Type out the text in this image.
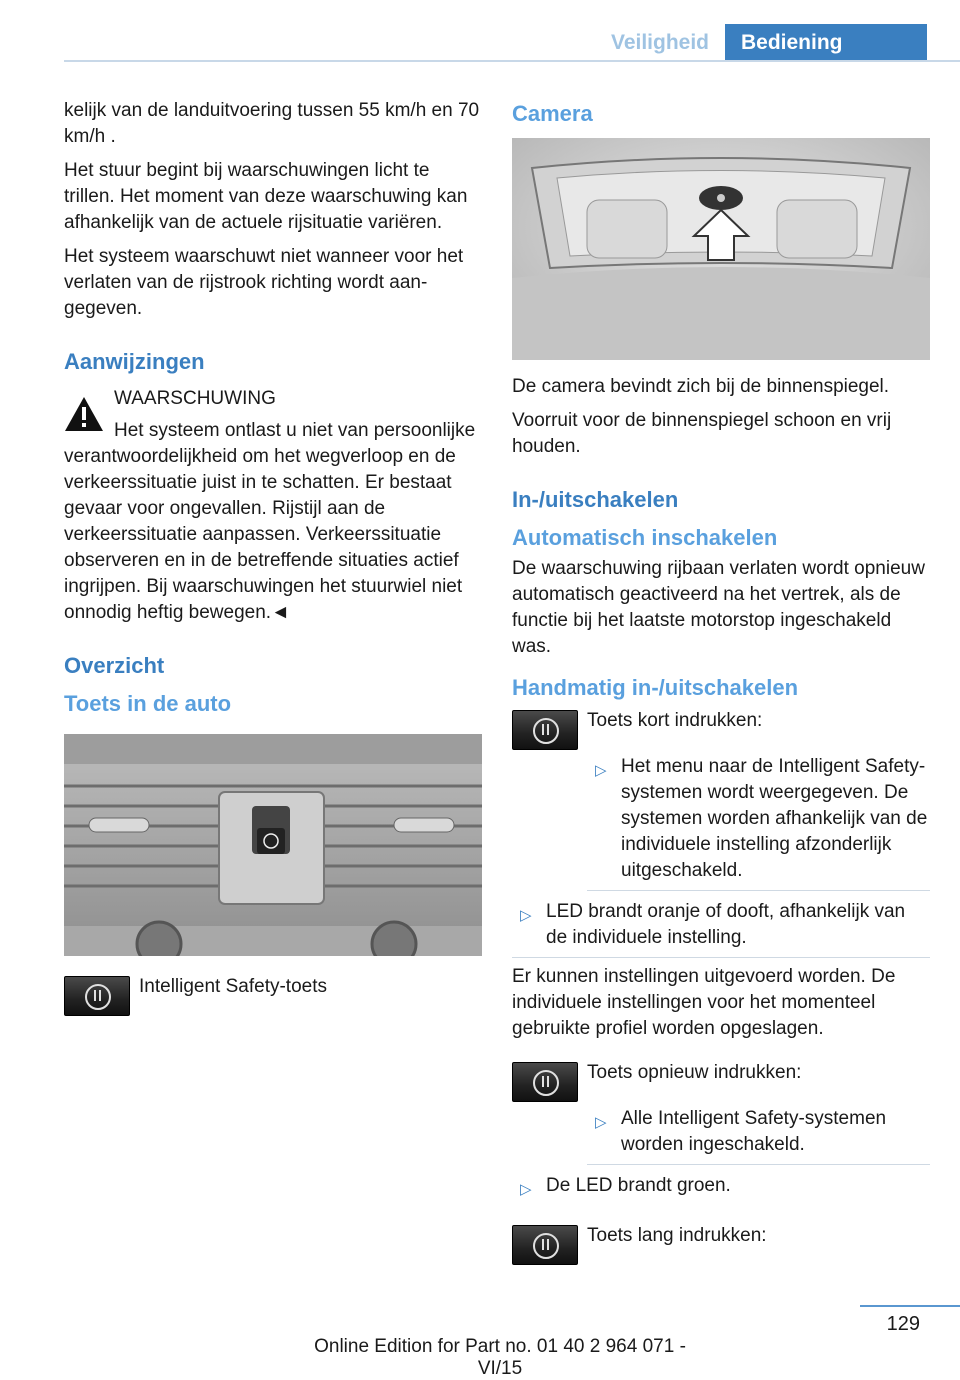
Veiligheid	Bediening

kelijk van de landuitvoering tussen 55 km/h en 70 km/h .

Het stuur begint bij waarschuwingen licht te trillen. Het moment van deze waarschuwing kan afhankelijk van de actuele rijsituatie variëren.

Het systeem waarschuwt niet wanneer voor het verlaten van de rijstrook richting wordt aangegeven.

Aanwijzingen

WAARSCHUWING

Het systeem ontlast u niet van persoonlijke verantwoordelijkheid om het wegverloop en de verkeerssituatie juist in te schatten. Er bestaat gevaar voor ongevallen. Rijstijl aan de verkeerssituatie aanpassen. Verkeerssituatie observeren en in de betreffende situaties actief ingrijpen. Bij waarschuwingen het stuurwiel niet onnodig heftig bewegen.◄

Overzicht
Toets in de auto
Intelligent Safety-toets
Camera

De camera bevindt zich bij de binnenspiegel.

Voorruit voor de binnenspiegel schoon en vrij houden.

In-/uitschakelen
Automatisch inschakelen

De waarschuwing rijbaan verlaten wordt opnieuw automatisch geactiveerd na het vertrek, als de functie bij het laatste motorstop ingeschakeld was.

Handmatig in-/uitschakelen
Toets kort indrukken:
▷ Het menu naar de Intelligent Safety-systemen wordt weergegeven. De systemen worden afhankelijk van de individuele instelling afzonderlijk uitgeschakeld.
▷ LED brandt oranje of dooft, afhankelijk van de individuele instelling.

Er kunnen instellingen uitgevoerd worden. De individuele instellingen voor het momenteel gebruikte profiel worden opgeslagen.

Toets opnieuw indrukken:
▷ Alle Intelligent Safety-systemen worden ingeschakeld.
▷ De LED brandt groen.
Toets lang indrukken:
129
Online Edition for Part no. 01 40 2 964 071 - VI/15
